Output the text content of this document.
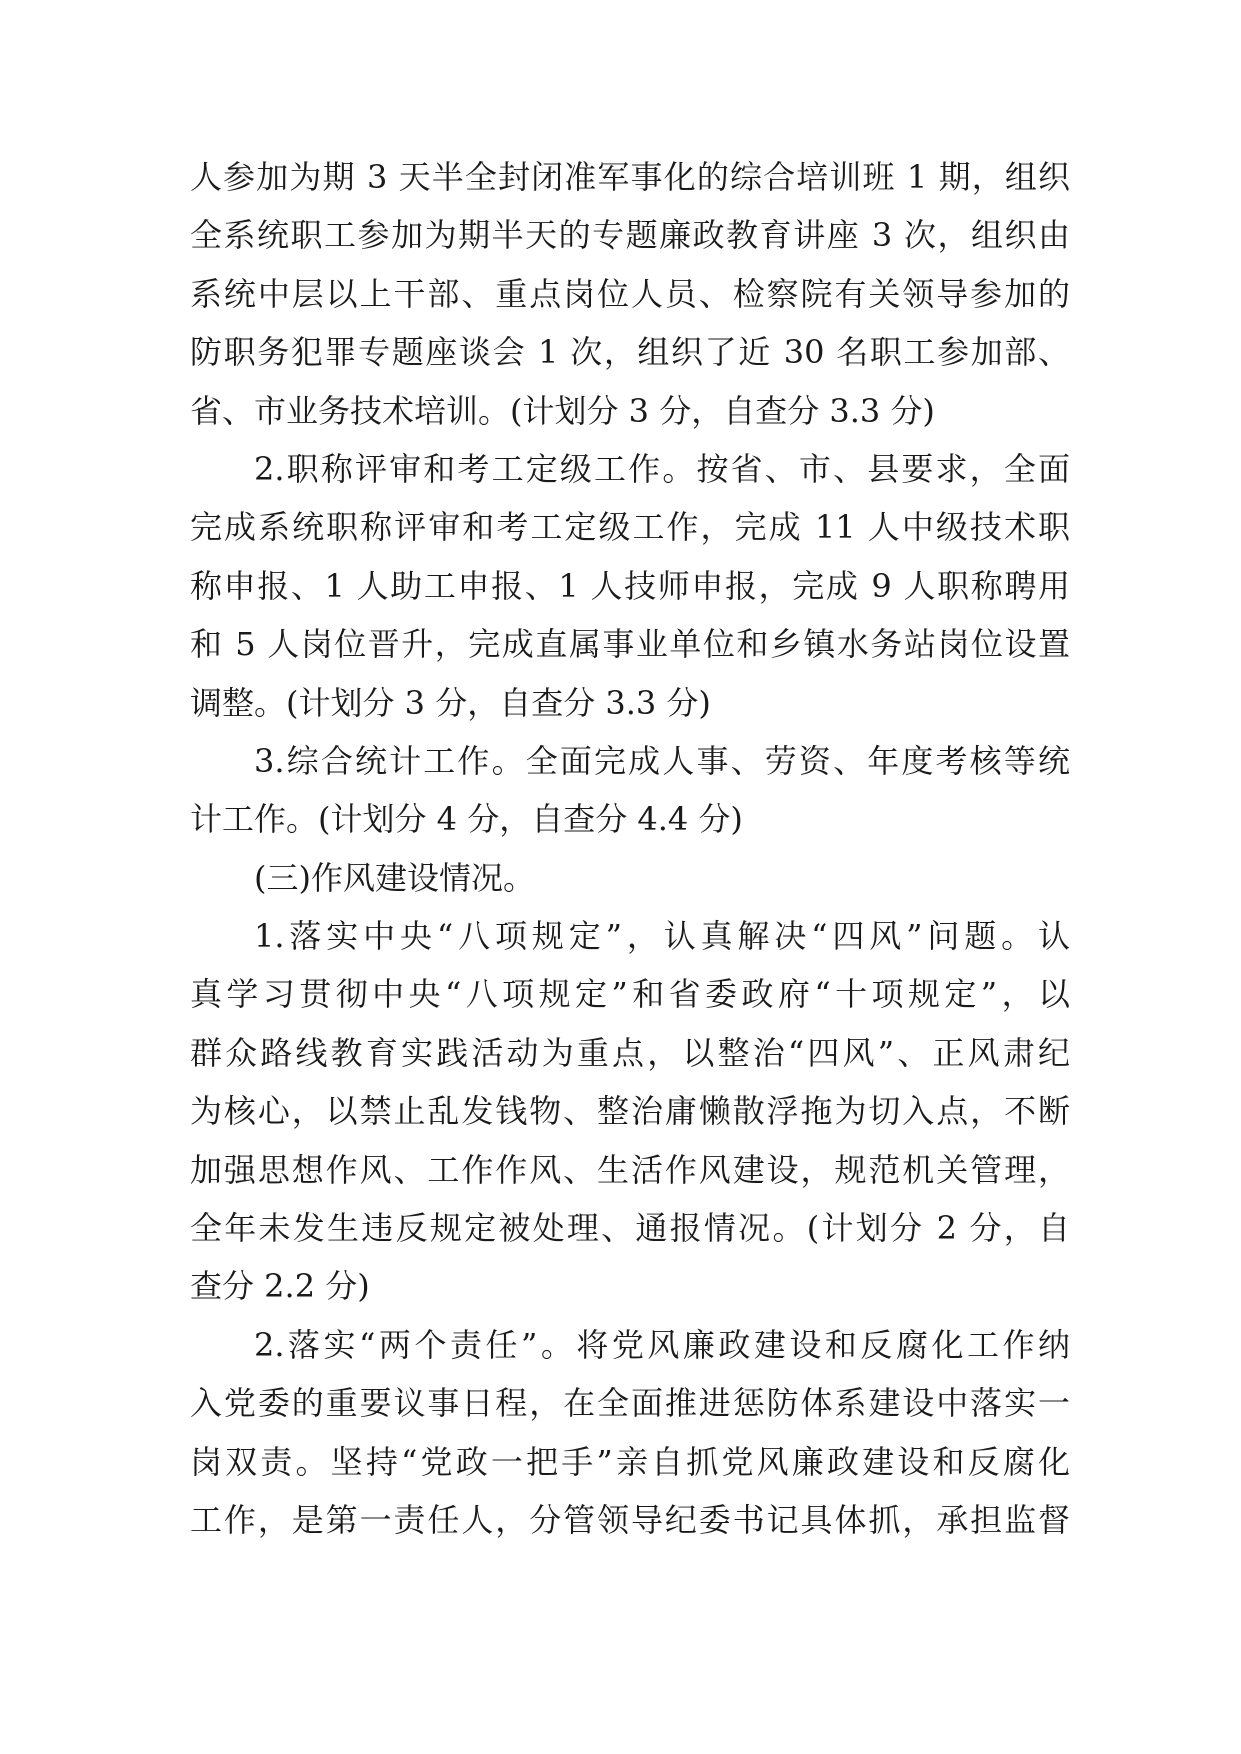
人参加为期 3 天半全封闭准军事化的综合培训班 1 期，组织
全系统职工参加为期半天的专题廉政教育讲座 3 次，组织由
系统中层以上干部、重点岗位人员、检察院有关领导参加的
防职务犯罪专题座谈会 1 次，组织了近 30 名职工参加部、
省、市业务技术培训。(计划分 3 分，自查分 3.3 分)
2.职称评审和考工定级工作。按省、市、县要求，全面
完成系统职称评审和考工定级工作，完成 11 人中级技术职
称申报、1 人助工申报、1 人技师申报，完成 9 人职称聘用
和 5 人岗位晋升，完成直属事业单位和乡镇水务站岗位设置
调整。(计划分 3 分，自查分 3.3 分)
3.综合统计工作。全面完成人事、劳资、年度考核等统
计工作。(计划分 4 分，自查分 4.4 分)
(三)作风建设情况。
1.落实中央“八项规定”，认真解决“四风”问题。认
真学习贯彻中央“八项规定”和省委政府“十项规定”，以
群众路线教育实践活动为重点，以整治“四风”、正风肃纪
为核心，以禁止乱发钱物、整治庸懒散浮拖为切入点，不断
加强思想作风、工作作风、生活作风建设，规范机关管理，
全年未发生违反规定被处理、通报情况。(计划分 2 分，自
查分 2.2 分)
2.落实“两个责任”。将党风廉政建设和反腐化工作纳
入党委的重要议事日程，在全面推进惩防体系建设中落实一
岗双责。坚持“党政一把手”亲自抓党风廉政建设和反腐化
工作，是第一责任人，分管领导纪委书记具体抓，承担监督
